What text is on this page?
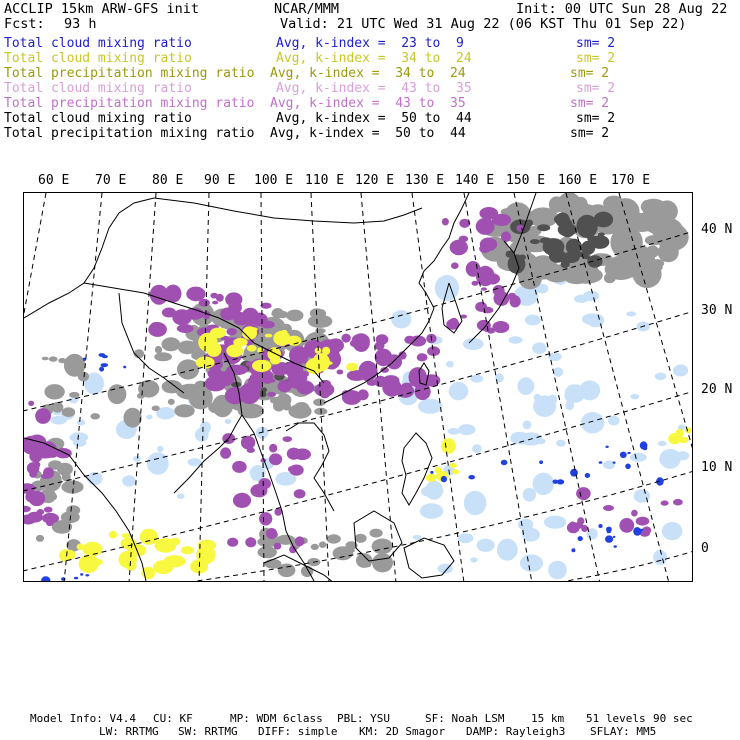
ACCLIP 15km ARW-GFS init	NCAR/MMM	Init: 00 UTC Sun 28 Aug 22
Fcst: 93 h	Valid: 21 UTC Wed 31 Aug 22 (06 KST Thu 01 Sep 22)
Total cloud mixing ratio	Avg, k-index =  23 to  9	sm= 2
Total cloud mixing ratio	Avg, k-index =  34 to  24	sm= 2
Total precipitation mixing ratio Avg, k-index =  34 to  24	sm= 2
Total cloud mixing ratio	Avg, k-index =  43 to  35	sm= 2
Total precipitation mixing ratio Avg, k-index =  43 to  35	sm= 2
Total cloud mixing ratio	Avg, k-index =  50 to  44	sm= 2
Total precipitation mixing ratio Avg, k-index =  50 to  44	sm= 2
60 E 70 E 80 E 90 E 100 E 110 E 120 E 130 E 140 E 150 E 160 E 170 E
40 N
30 N
20 N
10 N
0
Model Info: V4.4 CU: KF	MP: WDM 6class PBL: YSU	SF: Noah LSM 15 km 51 levels 90 sec
LW: RRTMG SW: RRTMG DIFF: simple KM: 2D Smagor DAMP: Rayleigh3 SFLAY: MM5
